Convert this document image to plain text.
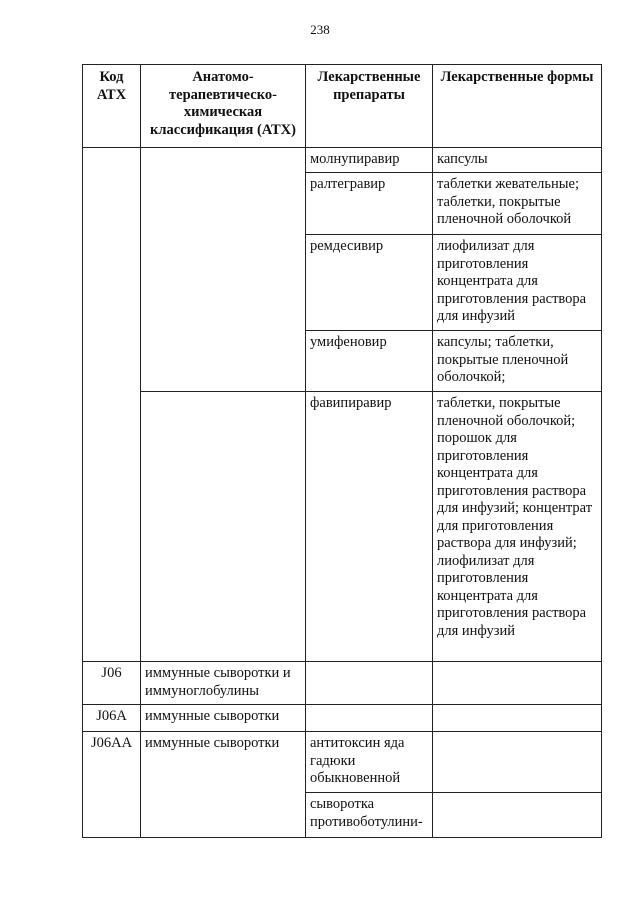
238
Код АТХ	Анатомо-терапевтическо-химическая классификация (АТХ)	Лекарственные препараты	Лекарственные формы
		молнупиравир	капсулы
		ралтегравир	таблетки жевательные; таблетки, покрытые пленочной оболочкой
		ремдесивир	лиофилизат для приготовления концентрата для приготовления раствора для инфузий
		умифеновир	капсулы; таблетки, покрытые пленочной оболочкой;
		фавипиравир	таблетки, покрытые пленочной оболочкой; порошок для приготовления концентрата для приготовления раствора для инфузий; концентрат для приготовления раствора для инфузий; лиофилизат для приготовления концентрата для приготовления раствора для инфузий
J06	иммунные сыворотки и иммуноглобулины		
J06A	иммунные сыворотки		
J06AA	иммунные сыворотки	антитоксин яда гадюки обыкновенной	
		сыворотка противоботулини-	
